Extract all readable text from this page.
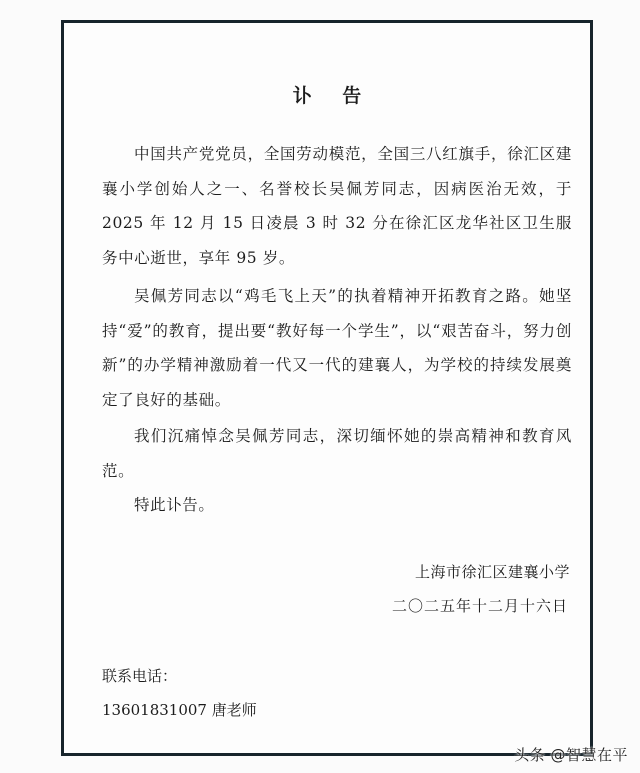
讣 告
中国共产党党员，全国劳动模范，全国三八红旗手，徐汇区建襄小学创始人之一、名誉校长吴佩芳同志，因病医治无效，于 2025 年 12 月 15 日凌晨 3 时 32 分在徐汇区龙华社区卫生服务中心逝世，享年 95 岁。
吴佩芳同志以“鸡毛飞上天”的执着精神开拓教育之路。她坚持“爱”的教育，提出要“教好每一个学生”，以“艰苦奋斗，努力创新”的办学精神激励着一代又一代的建襄人，为学校的持续发展奠定了良好的基础。
我们沉痛悼念吴佩芳同志，深切缅怀她的崇高精神和教育风范。
特此讣告。
上海市徐汇区建襄小学
二〇二五年十二月十六日
联系电话：
13601831007 唐老师
头条 @智慧在平
